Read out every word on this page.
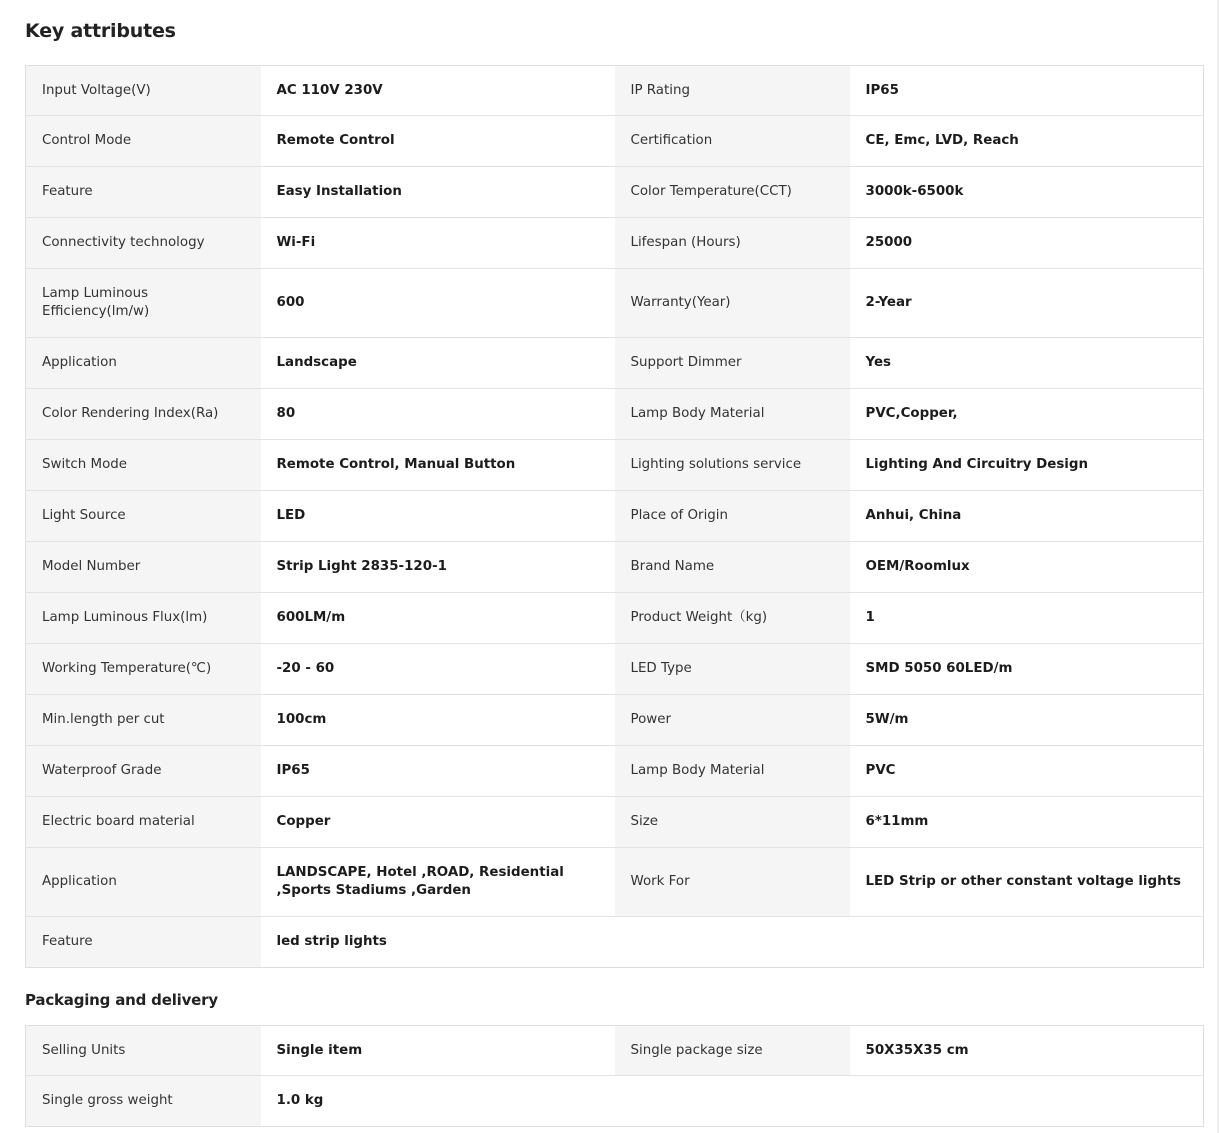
Key attributes
Input Voltage(V)	AC 110V 230V	IP Rating	IP65
Control Mode	Remote Control	Certification	CE, Emc, LVD, Reach
Feature	Easy Installation	Color Temperature(CCT)	3000k-6500k
Connectivity technology	Wi-Fi	Lifespan (Hours)	25000
Lamp Luminous Efficiency(lm/w)	600	Warranty(Year)	2-Year
Application	Landscape	Support Dimmer	Yes
Color Rendering Index(Ra)	80	Lamp Body Material	PVC,Copper,
Switch Mode	Remote Control, Manual Button	Lighting solutions service	Lighting And Circuitry Design
Light Source	LED	Place of Origin	Anhui, China
Model Number	Strip Light 2835-120-1	Brand Name	OEM/Roomlux
Lamp Luminous Flux(lm)	600LM/m	Product Weight（kg)	1
Working Temperature(℃)	-20 - 60	LED Type	SMD 5050 60LED/m
Min.length per cut	100cm	Power	5W/m
Waterproof Grade	IP65	Lamp Body Material	PVC
Electric board material	Copper	Size	6*11mm
Application	LANDSCAPE, Hotel ,ROAD, Residential ,Sports Stadiums ,Garden	Work For	LED Strip or other constant voltage lights
Feature	led strip lights		
Packaging and delivery
Selling Units	Single item	Single package size	50X35X35 cm
Single gross weight	1.0 kg		
